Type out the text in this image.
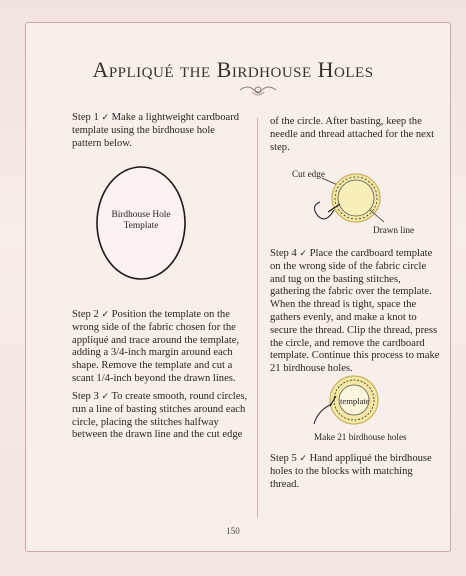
Appliqué the Birdhouse Holes
Step 1 ✓ Make a lightweight cardboard template using the birdhouse hole pattern below.
Birdhouse Hole
Template
Step 2 ✓ Position the template on the wrong side of the fabric chosen for the appliqué and trace around the template, adding a 3/4-inch margin around each shape. Remove the template and cut a scant 1/4-inch beyond the drawn lines.
Step 3 ✓ To create smooth, round circles, run a line of basting stitches around each circle, placing the stitches halfway between the drawn line and the cut edge
of the circle. After basting, keep the needle and thread attached for the next step.
Cut edge
Drawn line
Step 4 ✓ Place the cardboard template on the wrong side of the fabric circle and tug on the basting stitches, gathering the fabric over the template. When the thread is tight, space the gathers evenly, and make a knot to secure the thread. Clip the thread, press the circle, and remove the cardboard template. Continue this process to make 21 birdhouse holes.
template
Make 21 birdhouse holes
Step 5 ✓ Hand appliqué the birdhouse holes to the blocks with matching thread.
150
